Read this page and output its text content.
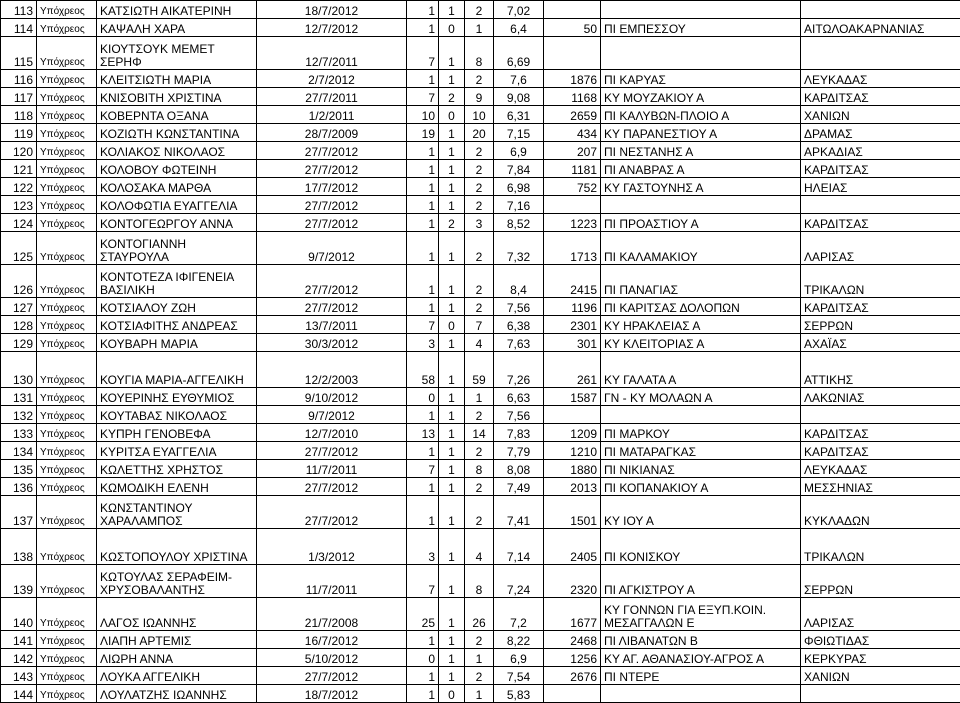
113	Υπόχρεος	ΚΑΤΣΙΩΤΗ ΑΙΚΑΤΕΡΙΝΗ	18/7/2012	1	1	2	7,02			
114	Υπόχρεος	ΚΑΨΑΛΗ ΧΑΡΑ	12/7/2012	1	0	1	6,4	50	ΠΙ ΕΜΠΕΣΣΟΥ	ΑΙΤΩΛΟΑΚΑΡΝΑΝΙΑΣ
115	Υπόχρεος	ΚΙΟΥΤΣΟΥΚ ΜΕΜΕΤ ΣΕΡΗΦ	12/7/2011	7	1	8	6,69			
116	Υπόχρεος	ΚΛΕΙΤΣΙΩΤΗ ΜΑΡΙΑ	2/7/2012	1	1	2	7,6	1876	ΠΙ ΚΑΡΥΑΣ	ΛΕΥΚΑΔΑΣ
117	Υπόχρεος	ΚΝΙΣΟΒΙΤΗ ΧΡΙΣΤΙΝΑ	27/7/2011	7	2	9	9,08	1168	ΚΥ ΜΟΥΖΑΚΙΟΥ Α	ΚΑΡΔΙΤΣΑΣ
118	Υπόχρεος	ΚΟΒΕΡΝΤΑ ΟΞΑΝΑ	1/2/2011	10	0	10	6,31	2659	ΠΙ ΚΑΛΥΒΩΝ-ΠΛΟΙΟ Α	ΧΑΝΙΩΝ
119	Υπόχρεος	ΚΟΖΙΩΤΗ ΚΩΝΣΤΑΝΤΙΝΑ	28/7/2009	19	1	20	7,15	434	ΚΥ ΠΑΡΑΝΕΣΤΙΟΥ Α	ΔΡΑΜΑΣ
120	Υπόχρεος	ΚΟΛΙΑΚΟΣ ΝΙΚΟΛΑΟΣ	27/7/2012	1	1	2	6,9	207	ΠΙ ΝΕΣΤΑΝΗΣ Α	ΑΡΚΑΔΙΑΣ
121	Υπόχρεος	ΚΟΛΟΒΟΥ ΦΩΤΕΙΝΗ	27/7/2012	1	1	2	7,84	1181	ΠΙ ΑΝΑΒΡΑΣ Α	ΚΑΡΔΙΤΣΑΣ
122	Υπόχρεος	ΚΟΛΟΣΑΚΑ ΜΑΡΘΑ	17/7/2012	1	1	2	6,98	752	ΚΥ ΓΑΣΤΟΥΝΗΣ Α	ΗΛΕΙΑΣ
123	Υπόχρεος	ΚΟΛΟΦΩΤΙΑ ΕΥΑΓΓΕΛΙΑ	27/7/2012	1	1	2	7,16			
124	Υπόχρεος	ΚΟΝΤΟΓΕΩΡΓΟΥ ΑΝΝΑ	27/7/2012	1	2	3	8,52	1223	ΠΙ ΠΡΟΑΣΤΙΟΥ Α	ΚΑΡΔΙΤΣΑΣ
125	Υπόχρεος	ΚΟΝΤΟΓΙΑΝΝΗ ΣΤΑΥΡΟΥΛΑ	9/7/2012	1	1	2	7,32	1713	ΠΙ ΚΑΛΑΜΑΚΙΟΥ	ΛΑΡΙΣΑΣ
126	Υπόχρεος	ΚΟΝΤΟΤΕΖΑ ΙΦΙΓΕΝΕΙΑ ΒΑΣΙΛΙΚΗ	27/7/2012	1	1	2	8,4	2415	ΠΙ ΠΑΝΑΓΙΑΣ	ΤΡΙΚΑΛΩΝ
127	Υπόχρεος	ΚΟΤΣΙΑΛΟΥ ΖΩΗ	27/7/2012	1	1	2	7,56	1196	ΠΙ ΚΑΡΙΤΣΑΣ ΔΟΛΟΠΩΝ	ΚΑΡΔΙΤΣΑΣ
128	Υπόχρεος	ΚΟΤΣΙΑΦΙΤΗΣ ΑΝΔΡΕΑΣ	13/7/2011	7	0	7	6,38	2301	ΚΥ ΗΡΑΚΛΕΙΑΣ Α	ΣΕΡΡΩΝ
129	Υπόχρεος	ΚΟΥΒΑΡΗ ΜΑΡΙΑ	30/3/2012	3	1	4	7,63	301	ΚΥ ΚΛΕΙΤΟΡΙΑΣ Α	ΑΧΑΪΑΣ
130	Υπόχρεος	ΚΟΥΓΙΑ ΜΑΡΙΑ-ΑΓΓΕΛΙΚΗ	12/2/2003	58	1	59	7,26	261	ΚΥ ΓΑΛΑΤΑ Α	ΑΤΤΙΚΗΣ
131	Υπόχρεος	ΚΟΥΕΡΙΝΗΣ ΕΥΘΥΜΙΟΣ	9/10/2012	0	1	1	6,63	1587	ΓΝ - ΚΥ ΜΟΛΑΩΝ Α	ΛΑΚΩΝΙΑΣ
132	Υπόχρεος	ΚΟΥΤΑΒΑΣ ΝΙΚΟΛΑΟΣ	9/7/2012	1	1	2	7,56			
133	Υπόχρεος	ΚΥΠΡΗ ΓΕΝΟΒΕΦΑ	12/7/2010	13	1	14	7,83	1209	ΠΙ ΜΑΡΚΟΥ	ΚΑΡΔΙΤΣΑΣ
134	Υπόχρεος	ΚΥΡΙΤΣΑ ΕΥΑΓΓΕΛΙΑ	27/7/2012	1	1	2	7,79	1210	ΠΙ ΜΑΤΑΡΑΓΚΑΣ	ΚΑΡΔΙΤΣΑΣ
135	Υπόχρεος	ΚΩΛΕΤΤΗΣ ΧΡΗΣΤΟΣ	11/7/2011	7	1	8	8,08	1880	ΠΙ ΝΙΚΙΑΝΑΣ	ΛΕΥΚΑΔΑΣ
136	Υπόχρεος	ΚΩΜΟΔΙΚΗ ΕΛΕΝΗ	27/7/2012	1	1	2	7,49	2013	ΠΙ ΚΟΠΑΝΑΚΙΟΥ Α	ΜΕΣΣΗΝΙΑΣ
137	Υπόχρεος	ΚΩΝΣΤΑΝΤΙΝΟΥ ΧΑΡΑΛΑΜΠΟΣ	27/7/2012	1	1	2	7,41	1501	ΚΥ ΙΟΥ Α	ΚΥΚΛΑΔΩΝ
138	Υπόχρεος	ΚΩΣΤΟΠΟΥΛΟΥ ΧΡΙΣΤΙΝΑ	1/3/2012	3	1	4	7,14	2405	ΠΙ ΚΟΝΙΣΚΟΥ	ΤΡΙΚΑΛΩΝ
139	Υπόχρεος	ΚΩΤΟΥΛΑΣ ΣΕΡΑΦΕΙΜ-ΧΡΥΣΟΒΑΛΑΝΤΗΣ	11/7/2011	7	1	8	7,24	2320	ΠΙ ΑΓΚΙΣΤΡΟΥ Α	ΣΕΡΡΩΝ
140	Υπόχρεος	ΛΑΓΟΣ ΙΩΑΝΝΗΣ	21/7/2008	25	1	26	7,2	1677	ΚΥ ΓΟΝΝΩΝ ΓΙΑ ΕΞΥΠ.ΚΟΙΝ. ΜΕΣΑΓΓΑΛΩΝ Ε	ΛΑΡΙΣΑΣ
141	Υπόχρεος	ΛΙΑΠΗ ΑΡΤΕΜΙΣ	16/7/2012	1	1	2	8,22	2468	ΠΙ ΛΙΒΑΝΑΤΩΝ Β	ΦΘΙΩΤΙΔΑΣ
142	Υπόχρεος	ΛΙΩΡΗ ΑΝΝΑ	5/10/2012	0	1	1	6,9	1256	ΚΥ ΑΓ. ΑΘΑΝΑΣΙΟΥ-ΑΓΡΟΣ Α	ΚΕΡΚΥΡΑΣ
143	Υπόχρεος	ΛΟΥΚΑ ΑΓΓΕΛΙΚΗ	27/7/2012	1	1	2	7,54	2676	ΠΙ ΝΤΕΡΕ	ΧΑΝΙΩΝ
144	Υπόχρεος	ΛΟΥΛΑΤΖΗΣ ΙΩΑΝΝΗΣ	18/7/2012	1	0	1	5,83			
